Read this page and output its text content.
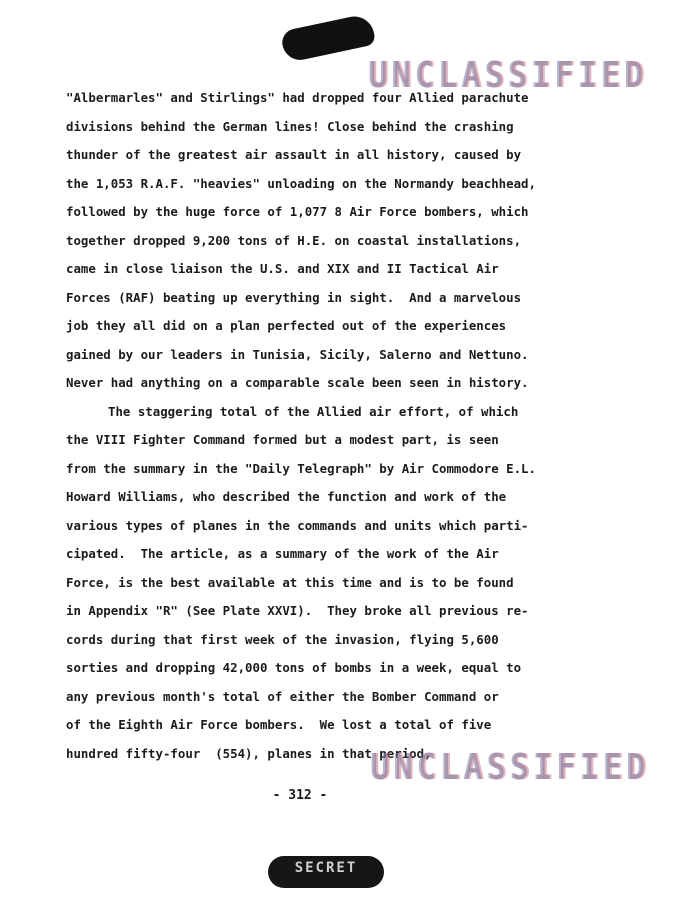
UNCLASSIFIED
"Albermarles" and Stirlings" had dropped four Allied parachute
divisions behind the German lines! Close behind the crashing
thunder of the greatest air assault in all history, caused by
the 1,053 R.A.F. "heavies" unloading on the Normandy beachhead,
followed by the huge force of 1,077 8 Air Force bombers, which
together dropped 9,200 tons of H.E. on coastal installations,
came in close liaison the U.S. and XIX and II Tactical Air
Forces (RAF) beating up everything in sight.  And a marvelous
job they all did on a plan perfected out of the experiences
gained by our leaders in Tunisia, Sicily, Salerno and Nettuno.
Never had anything on a comparable scale been seen in history.
The staggering total of the Allied air effort, of which
the VIII Fighter Command formed but a modest part, is seen
from the summary in the "Daily Telegraph" by Air Commodore E.L.
Howard Williams, who described the function and work of the
various types of planes in the commands and units which parti-
cipated.  The article, as a summary of the work of the Air
Force, is the best available at this time and is to be found
in Appendix "R" (See Plate XXVI).  They broke all previous re-
cords during that first week of the invasion, flying 5,600
sorties and dropping 42,000 tons of bombs in a week, equal to
any previous month's total of either the Bomber Command or
of the Eighth Air Force bombers.  We lost a total of five
hundred fifty-four  (554), planes in that period,
UNCLASSIFIED
- 312 -
SECRET
